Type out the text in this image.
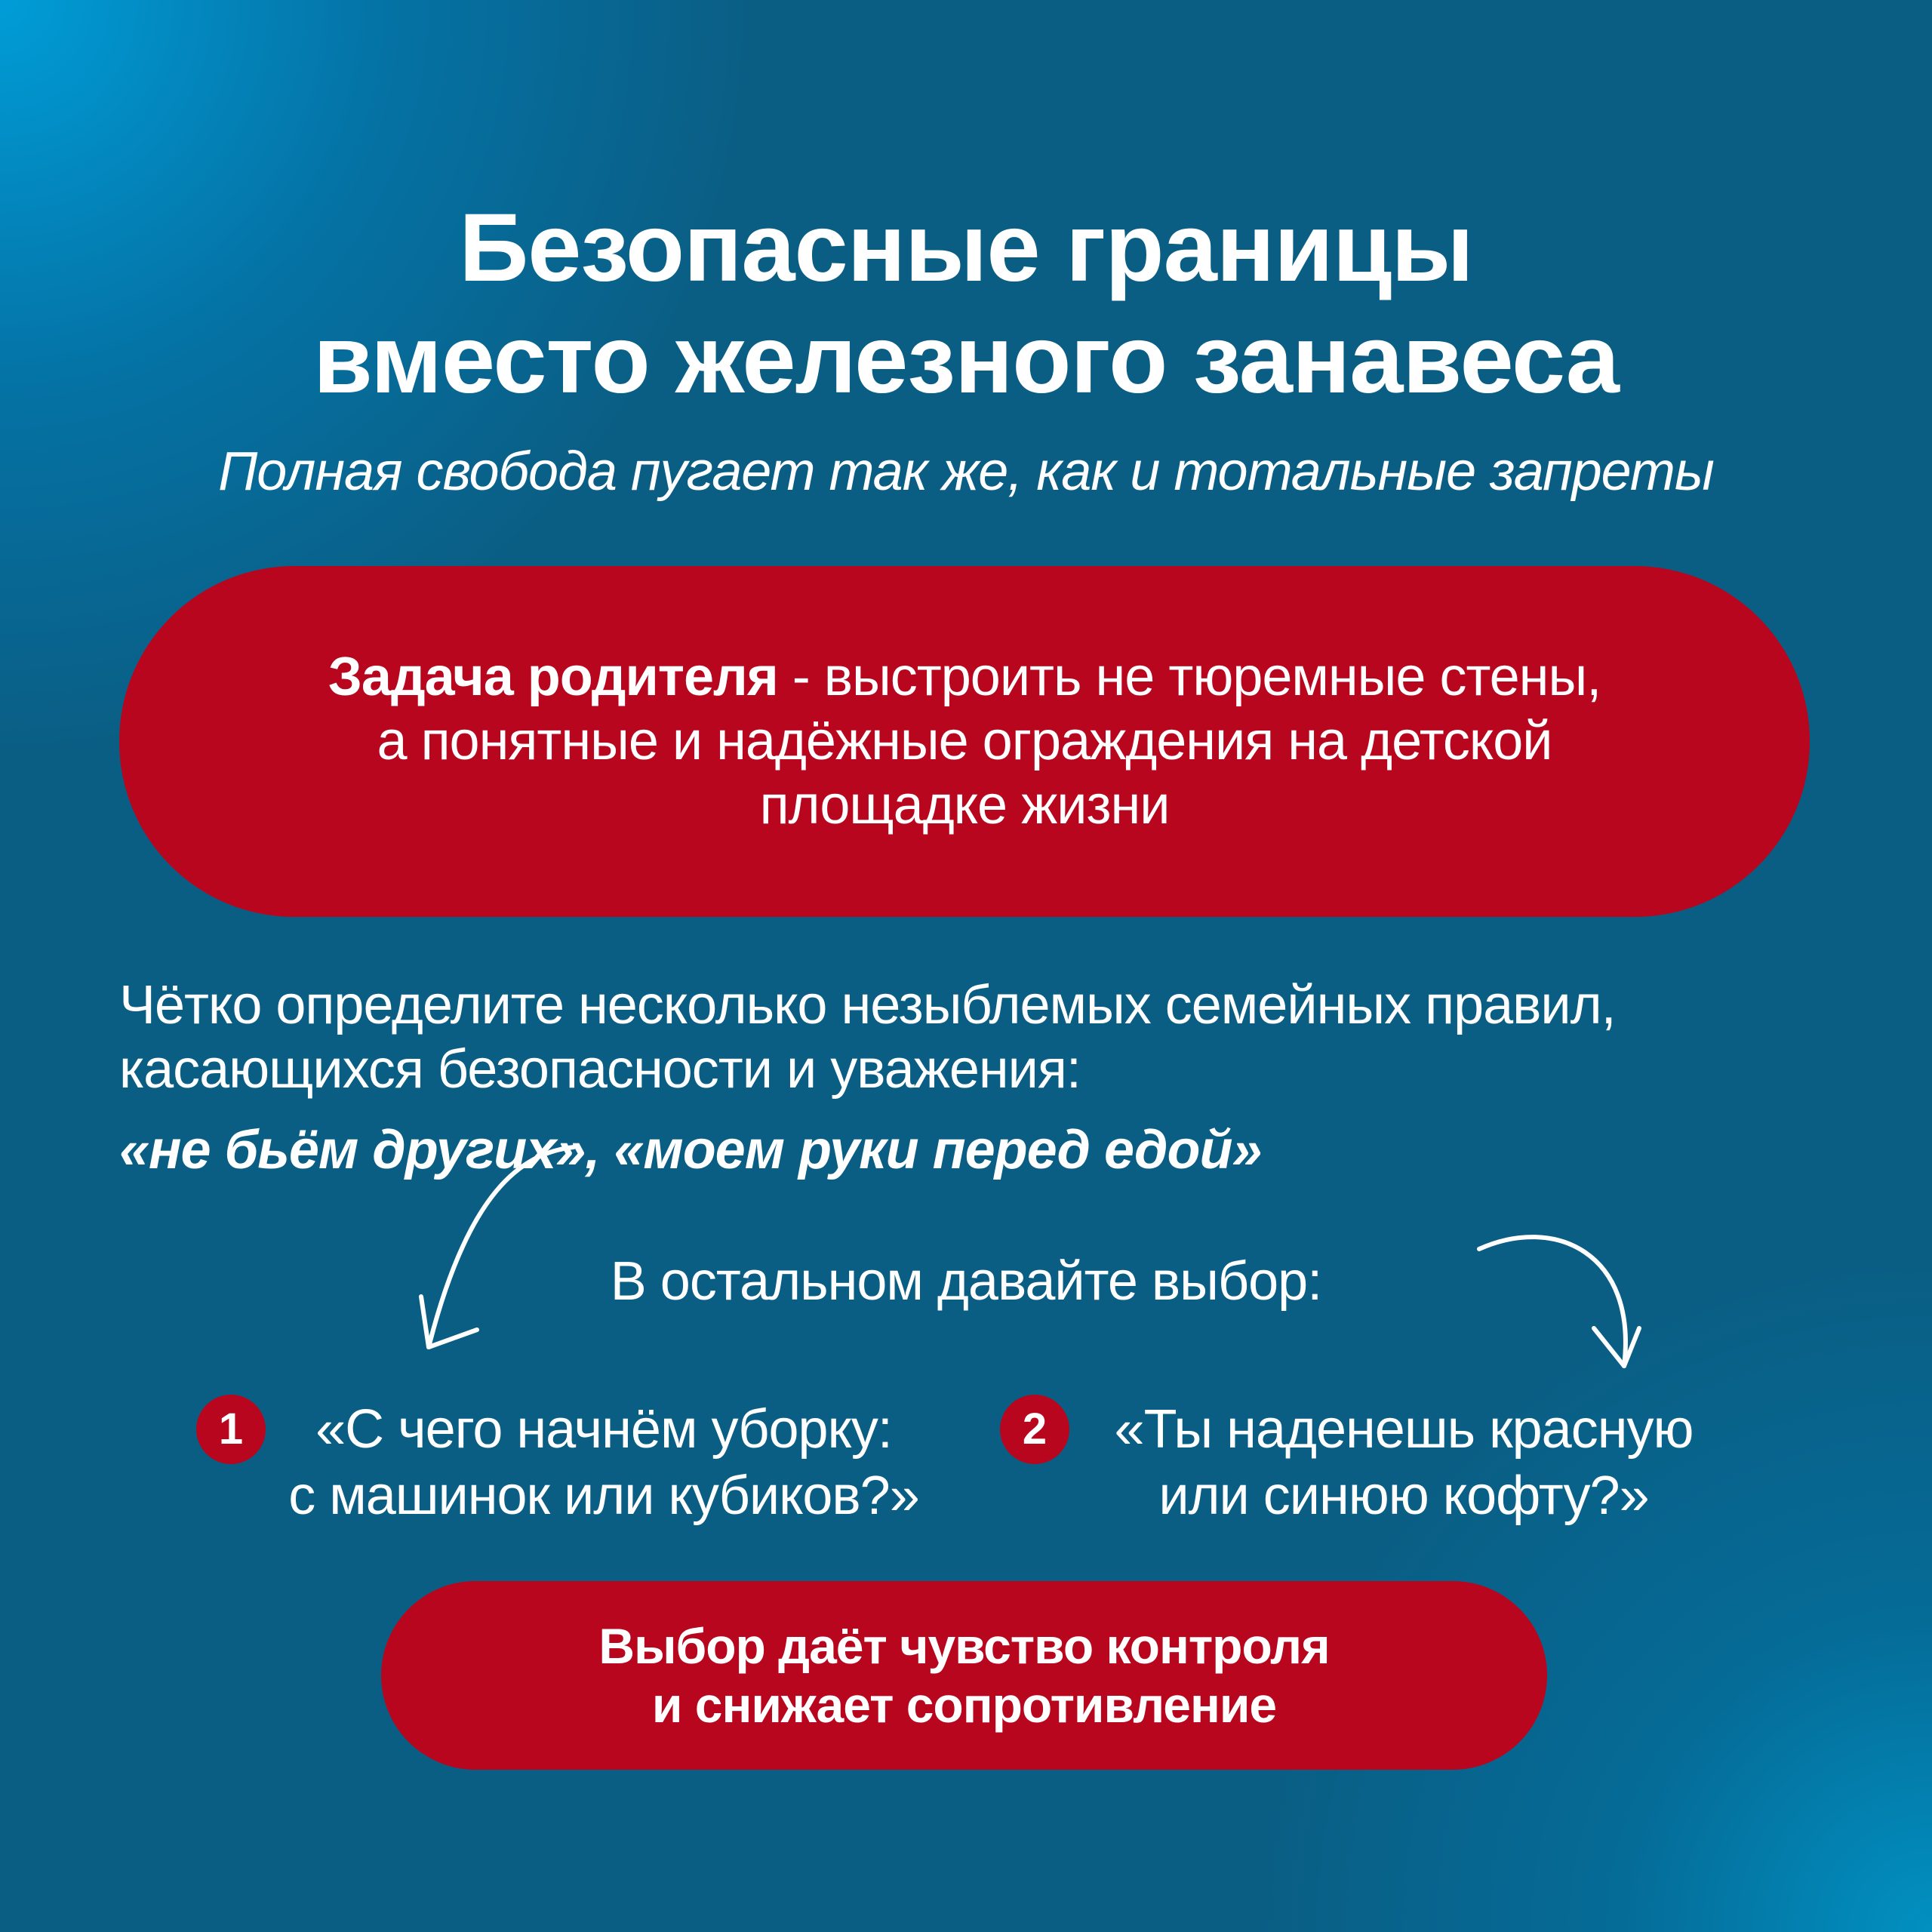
Безопасные границы
вместо железного занавеса
Полная свобода пугает так же, как и тотальные запреты
Задача родителя - выстроить не тюремные стены,
а понятные и надёжные ограждения на детской
площадке жизни
Чётко определите несколько незыблемых семейных правил,
касающихся безопасности и уважения:
«не бьём других», «моем руки перед едой»
В остальном давайте выбор:
1	«С чего начнём уборку:
с машинок или кубиков?»
2	«Ты наденешь красную
или синюю кофту?»
Выбор даёт чувство контроля
и снижает сопротивление
